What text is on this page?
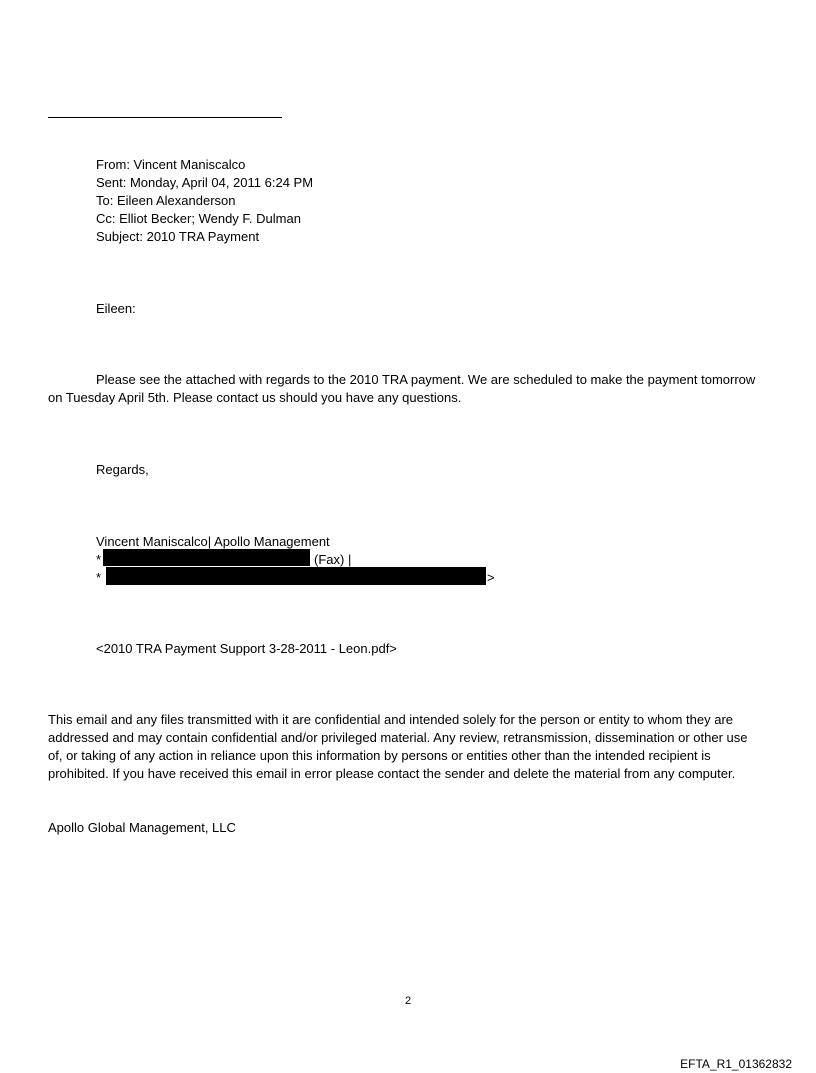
From: Vincent Maniscalco
Sent: Monday, April 04, 2011 6:24 PM
To: Eileen Alexanderson
Cc: Elliot Becker; Wendy F. Dulman
Subject: 2010 TRA Payment
Eileen:
Please see the attached with regards to the 2010 TRA payment. We are scheduled to make the payment tomorrow on Tuesday April 5th. Please contact us should you have any questions.
Regards,
Vincent Maniscalco| Apollo Management
*	(Fax) |
*	>
<2010 TRA Payment Support 3-28-2011 - Leon.pdf>
This email and any files transmitted with it are confidential and intended solely for the person or entity to whom they are addressed and may contain confidential and/or privileged material. Any review, retransmission, dissemination or other use of, or taking of any action in reliance upon this information by persons or entities other than the intended recipient is prohibited. If you have received this email in error please contact the sender and delete the material from any computer.
Apollo Global Management, LLC
2
EFTA_R1_01362832
